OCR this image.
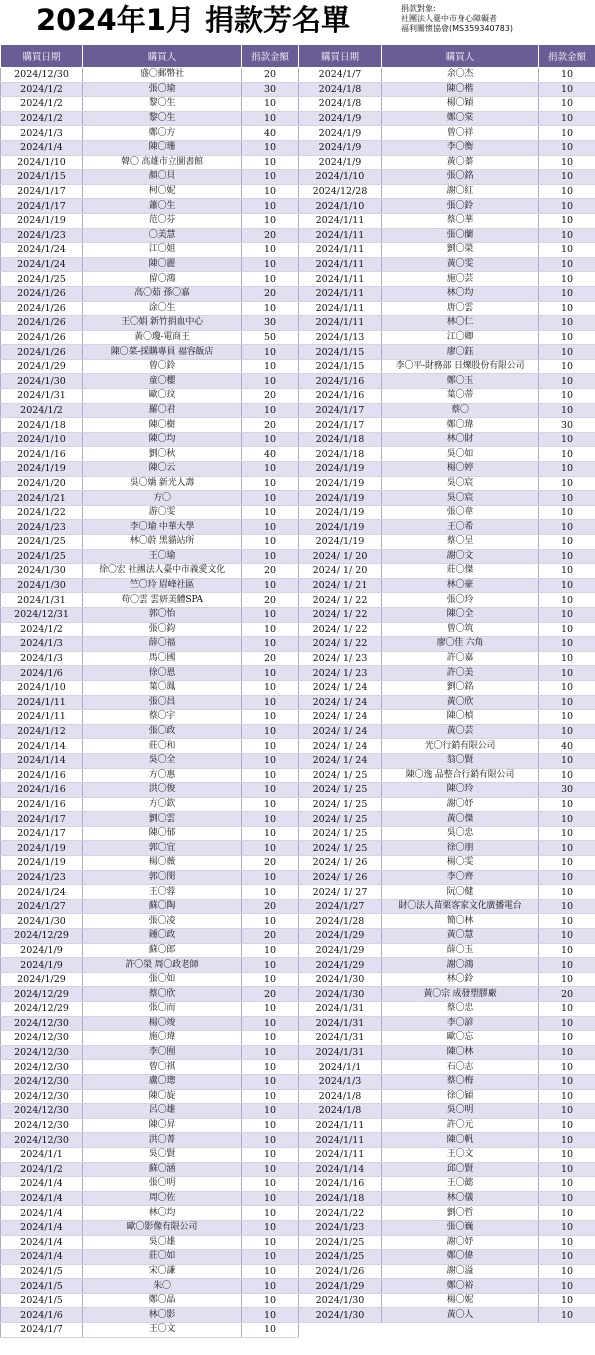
2024年1月 捐款芳名單	捐款對象:
社團法人臺中市身心障礙者
福利關懷協會(MS359340783)
購買日期	購買人	捐款金額
2024/12/30	盛〇郵幣社	20
2024/1/2	張〇瑜	30
2024/1/2	黎〇生	10
2024/1/2	黎〇生	10
2024/1/3	鄭〇方	40
2024/1/4	陳〇珊	10
2024/1/10	韓〇 高雄市立圖書館	10
2024/1/15	顏〇貝	10
2024/1/17	柯〇妮	10
2024/1/17	蕭〇生	10
2024/1/19	范〇芬	10
2024/1/23	〇美慧	20
2024/1/24	江〇姐	10
2024/1/24	陳〇麗	10
2024/1/25	留〇鴻	10
2024/1/26	高〇茹 孫〇嘉	20
2024/1/26	涂〇生	10
2024/1/26	王〇娟 新竹捐血中心	30
2024/1/26	黃〇瓊-電商王	50
2024/1/26	陳〇菜-採購專員 福容飯店	10
2024/1/29	曾〇鈴	10
2024/1/30	童〇櫻	10
2024/1/31	歐〇玟	20
2024/1/2	羅〇君	10
2024/1/18	陳〇樹	20
2024/1/10	陳〇均	10
2024/1/16	劉〇秋	40
2024/1/19	陳〇云	10
2024/1/20	吳〇嬌 新光人壽	10
2024/1/21	方〇	10
2024/1/22	游〇雯	10
2024/1/23	李〇瑜 中華大學	10
2024/1/25	林〇蔚 黑貓站所	10
2024/1/25	王〇瑜	10
2024/1/30	徐〇宏 社團法人臺中市義愛文化	20
2024/1/30	竺〇玲 眉峰社區	10
2024/1/31	苟〇雲 雲妍美體SPA	20
2024/12/31	郭〇怡	10
2024/1/2	張〇鈞	10
2024/1/3	薛〇福	10
2024/1/3	馬〇國	20
2024/1/6	徐〇恩	10
2024/1/10	葉〇鳳	10
2024/1/11	張〇昌	10
2024/1/11	蔡〇宇	10
2024/1/12	張〇政	10
2024/1/14	莊〇和	10
2024/1/14	吳〇全	10
2024/1/16	方〇惠	10
2024/1/16	洪〇俊	10
2024/1/16	方〇欽	10
2024/1/17	劉〇雲	10
2024/1/17	陳〇郁	10
2024/1/19	郭〇宜	10
2024/1/19	楊〇薇	20
2024/1/23	郭〇閔	10
2024/1/24	王〇蓉	10
2024/1/27	蘇〇陶	20
2024/1/30	張〇凌	10
2024/12/29	鍾〇政	20
2024/1/9	蘇〇郎	10
2024/1/9	許〇榮 周〇政老師	10
2024/1/29	張〇如	10
2024/12/29	蔡〇欣	20
2024/12/29	張〇而	10
2024/12/30	楊〇竣	10
2024/12/30	施〇瑋	10
2024/12/30	李〇囿	10
2024/12/30	曾〇祺	10
2024/12/30	盧〇璁	10
2024/12/30	陳〇旋	10
2024/12/30	呂〇雄	10
2024/12/30	陳〇昇	10
2024/12/30	洪〇菁	10
2024/1/1	吳〇賢	10
2024/1/2	蘇〇涵	10
2024/1/4	張〇明	10
2024/1/4	周〇佐	10
2024/1/4	林〇均	10
2024/1/4	歐〇影像有限公司	10
2024/1/4	吳〇雄	10
2024/1/4	莊〇如	10
2024/1/5	宋〇謙	10
2024/1/5	朱〇	10
2024/1/5	鄭〇晶	10
2024/1/6	林〇影	10
2024/1/7	王〇文	10
購買日期	購買人	捐款金額
2024/1/7	余〇杰	10
2024/1/8	陳〇楷	10
2024/1/8	楊〇穎	10
2024/1/9	鄭〇棠	10
2024/1/9	曾〇祥	10
2024/1/9	李〇衡	10
2024/1/9	黃〇蓁	10
2024/1/10	張〇銘	10
2024/12/28	謝〇紅	10
2024/1/10	張〇鈴	10
2024/1/11	蔡〇華	10
2024/1/11	張〇蘭	10
2024/1/11	劉〇榮	10
2024/1/11	黃〇雯	10
2024/1/11	施〇芸	10
2024/1/11	林〇均	10
2024/1/11	唐〇雲	10
2024/1/11	林〇仁	10
2024/1/13	江〇卿	10
2024/1/15	廖〇鈺	10
2024/1/15	李〇平-財務部 日爍股份有限公司	10
2024/1/16	鄭〇玉	10
2024/1/16	葉〇蒂	10
2024/1/17	蔡〇	10
2024/1/17	鄭〇瑋	30
2024/1/18	林〇財	10
2024/1/18	吳〇如	10
2024/1/19	楊〇婷	10
2024/1/19	吳〇宸	10
2024/1/19	吳〇宸	10
2024/1/19	張〇韋	10
2024/1/19	王〇希	10
2024/1/19	蔡〇呈	10
2024/ 1/ 20	謝〇文	10
2024/ 1/ 20	莊〇傑	10
2024/ 1/ 21	林〇豪	10
2024/ 1/ 22	張〇玲	10
2024/ 1/ 22	陳〇全	10
2024/ 1/ 22	曾〇筑	10
2024/ 1/ 22	廖〇佳 六角	10
2024/ 1/ 23	許〇嘉	10
2024/ 1/ 23	許〇美	10
2024/ 1/ 24	劉〇銘	10
2024/ 1/ 24	黃〇欣	10
2024/ 1/ 24	陳〇楨	10
2024/ 1/ 24	黃〇芸	10
2024/ 1/ 24	光〇行銷有限公司	40
2024/ 1/ 24	翁〇賢	10
2024/ 1/ 25	陳〇逸 品整合行銷有限公司	10
2024/ 1/ 25	陳〇玲	30
2024/ 1/ 25	謝〇妤	10
2024/ 1/ 25	黃〇傑	10
2024/ 1/ 25	吳〇忠	10
2024/ 1/ 25	徐〇朋	10
2024/ 1/ 26	楊〇雯	10
2024/ 1/ 26	李〇齊	10
2024/ 1/ 27	阮〇健	10
2024/1/27	財〇法人苗栗客家文化廣播電台	10
2024/1/28	簡〇林	10
2024/1/29	黃〇慧	10
2024/1/29	薛〇玉	10
2024/1/29	謝〇鴻	10
2024/1/30	林〇鈴	10
2024/1/30	黃〇宗 成發塑膠廠	20
2024/1/31	蔡〇忠	10
2024/1/31	李〇諺	10
2024/1/31	歐〇忘	10
2024/1/31	陳〇林	10
2024/1/1	石〇志	10
2024/1/3	蔡〇梅	10
2024/1/8	徐〇穎	10
2024/1/8	吳〇明	10
2024/1/11	許〇元	10
2024/1/11	陳〇帆	10
2024/1/11	王〇文	10
2024/1/14	邱〇賢	10
2024/1/16	王〇懿	10
2024/1/18	林〇儀	10
2024/1/22	劉〇哲	10
2024/1/23	張〇巍	10
2024/1/25	謝〇妤	10
2024/1/25	鄭〇偉	10
2024/1/26	謝〇溢	10
2024/1/29	鄭〇裕	10
2024/1/30	楊〇妮	10
2024/1/30	黃〇人	10
